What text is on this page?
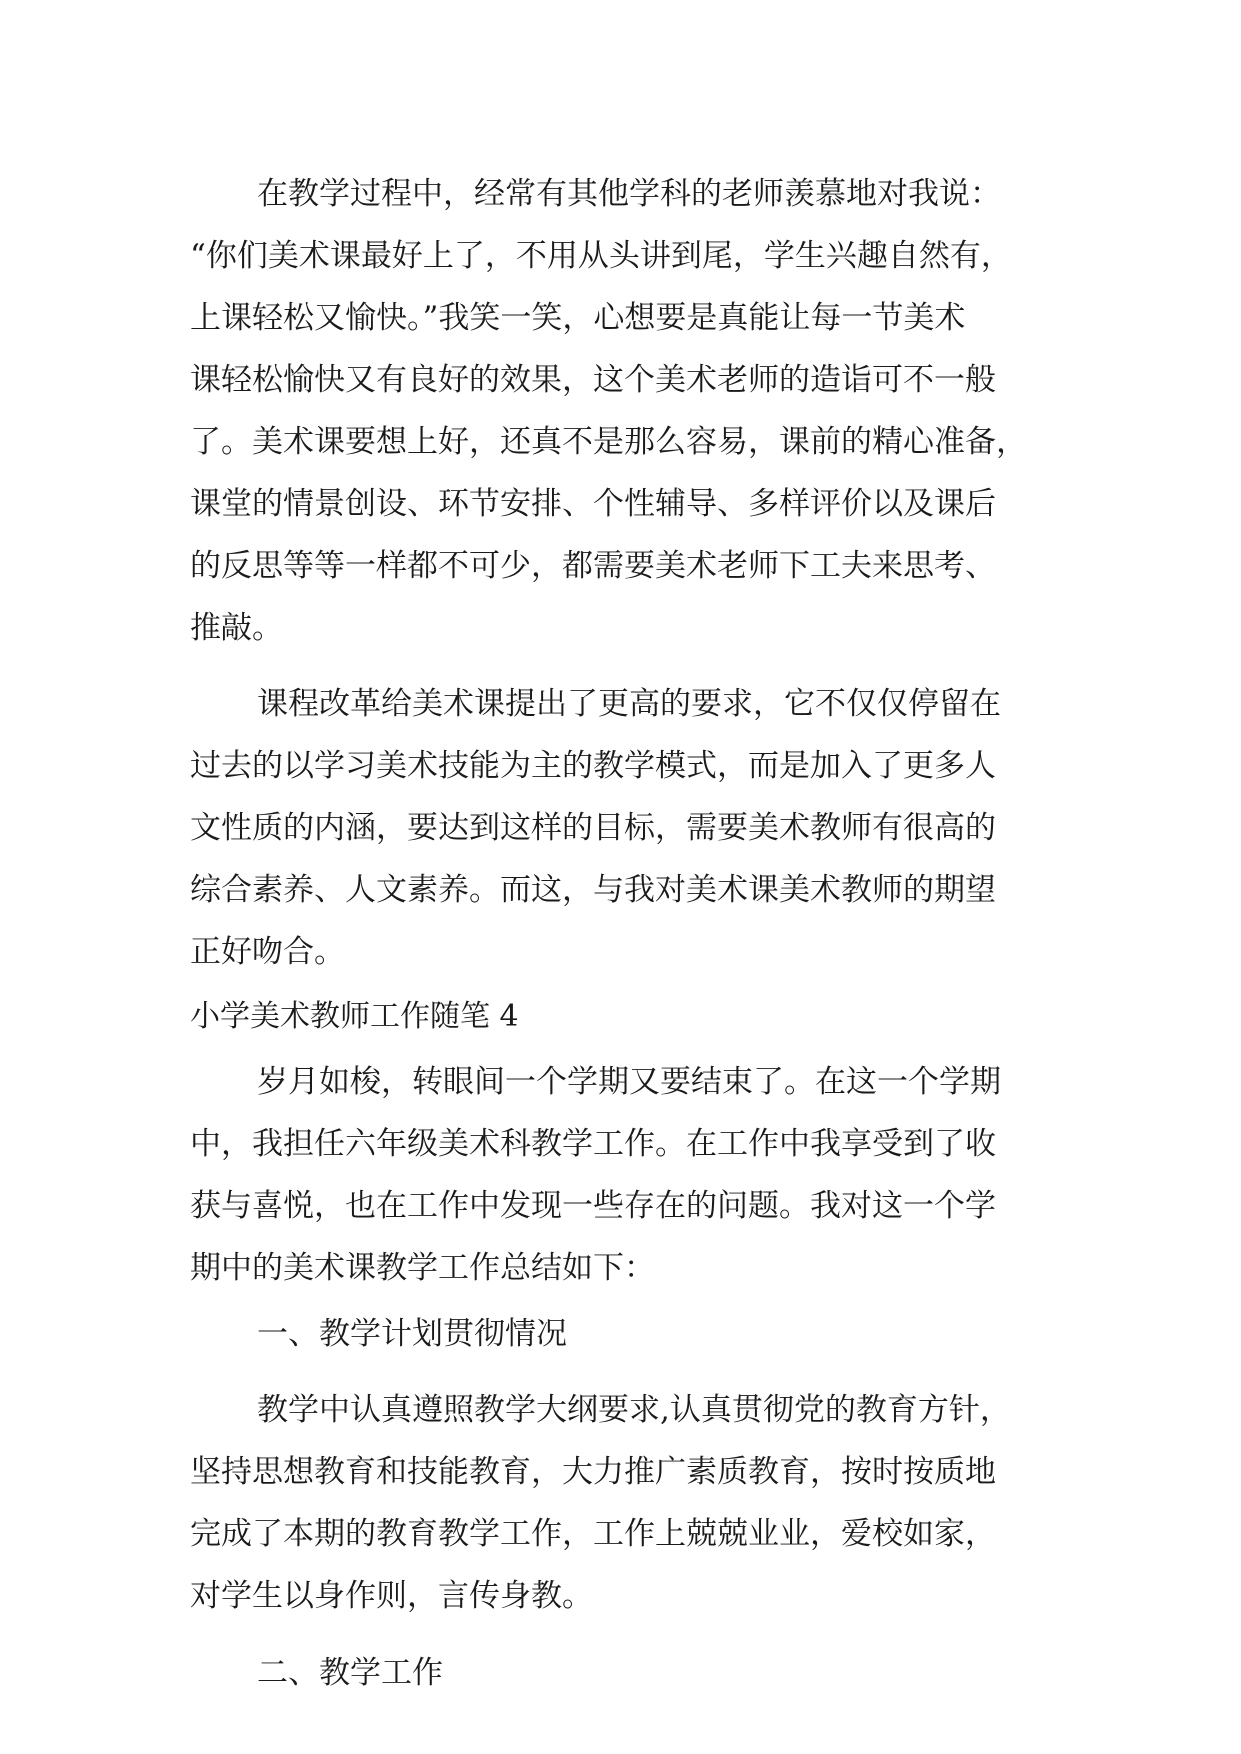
在教学过程中，经常有其他学科的老师羡慕地对我说：
“你们美术课最好上了，不用从头讲到尾，学生兴趣自然有，
上课轻松又愉快。”我笑一笑，心想要是真能让每一节美术
课轻松愉快又有良好的效果，这个美术老师的造诣可不一般
了。美术课要想上好，还真不是那么容易，课前的精心准备，
课堂的情景创设、环节安排、个性辅导、多样评价以及课后
的反思等等一样都不可少，都需要美术老师下工夫来思考、
推敲。
课程改革给美术课提出了更高的要求，它不仅仅停留在
过去的以学习美术技能为主的教学模式，而是加入了更多人
文性质的内涵，要达到这样的目标，需要美术教师有很高的
综合素养、人文素养。而这，与我对美术课美术教师的期望
正好吻合。
小学美术教师工作随笔 4
岁月如梭，转眼间一个学期又要结束了。在这一个学期
中，我担任六年级美术科教学工作。在工作中我享受到了收
获与喜悦，也在工作中发现一些存在的问题。我对这一个学
期中的美术课教学工作总结如下：
一、教学计划贯彻情况
教学中认真遵照教学大纲要求,认真贯彻党的教育方针，
坚持思想教育和技能教育，大力推广素质教育，按时按质地
完成了本期的教育教学工作，工作上兢兢业业，爱校如家，
对学生以身作则，言传身教。
二、教学工作
